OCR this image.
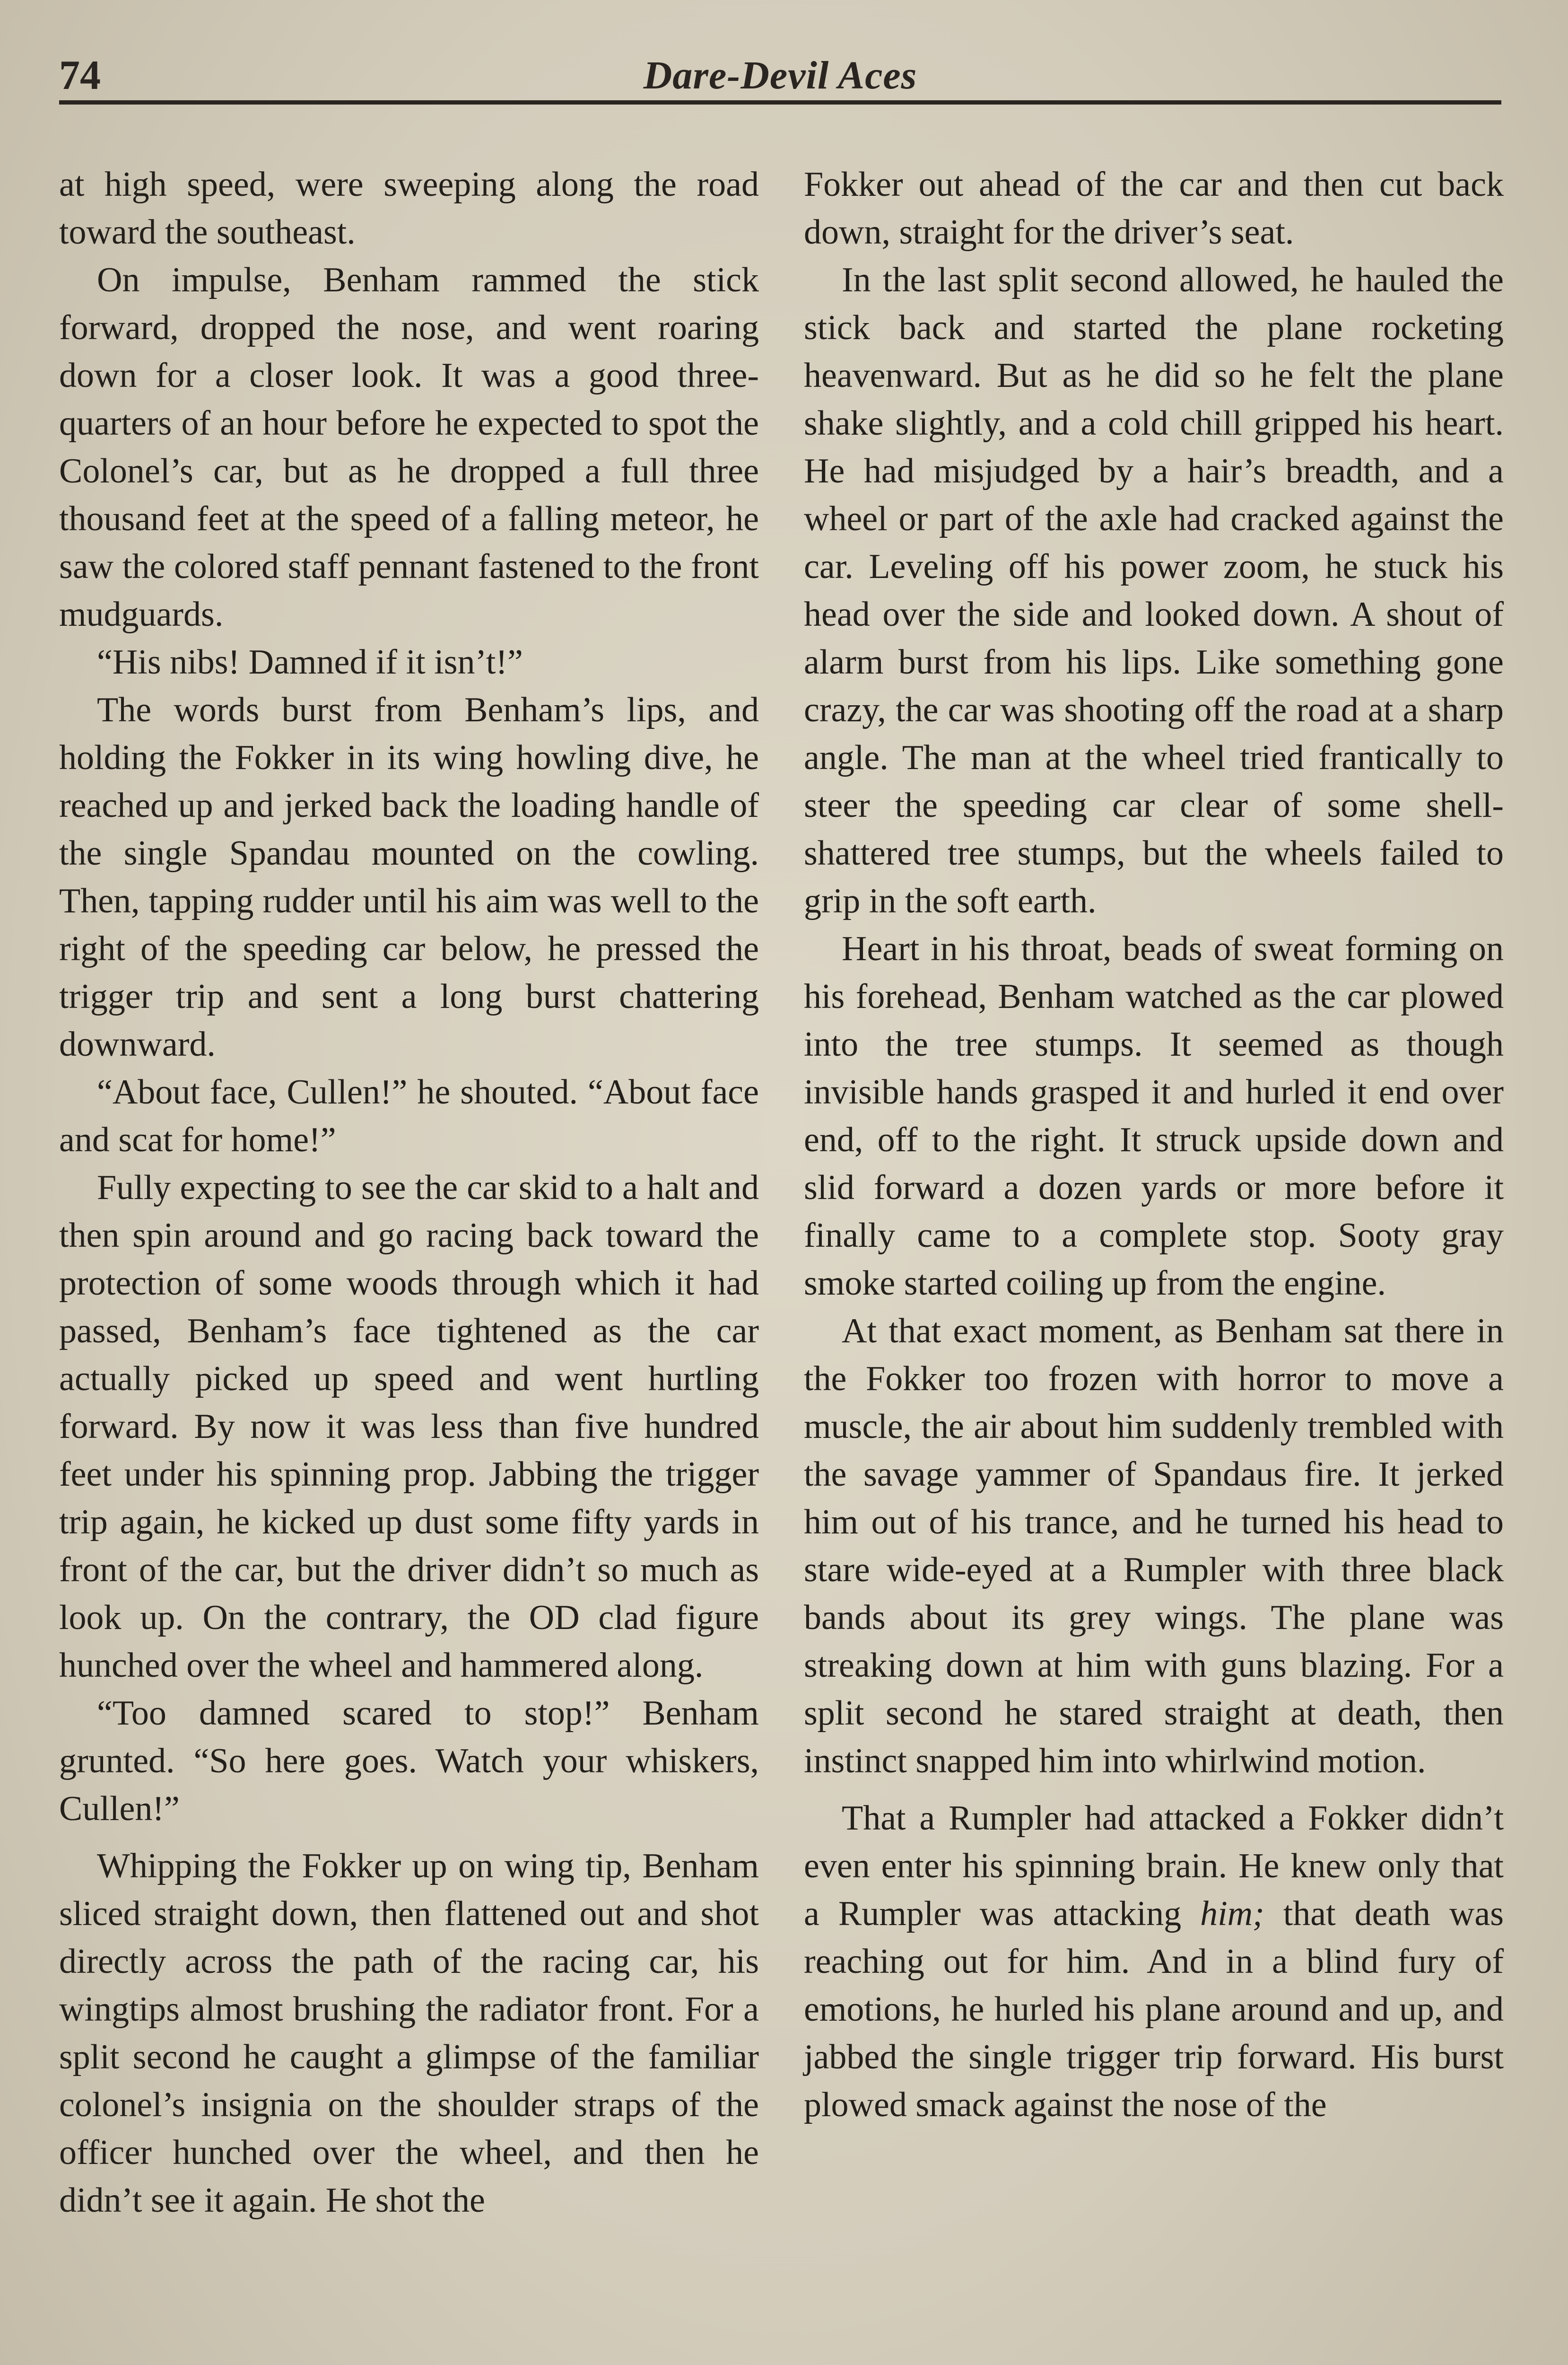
74	Dare-Devil Aces

at high speed, were sweeping along the road toward the southeast.

On impulse, Benham rammed the stick forward, dropped the nose, and went roaring down for a closer look. It was a good three-quarters of an hour before he expected to spot the Colonel’s car, but as he dropped a full three thousand feet at the speed of a falling meteor, he saw the colored staff pennant fastened to the front mudguards.

“His nibs! Damned if it isn’t!”

The words burst from Benham’s lips, and holding the Fokker in its wing howling dive, he reached up and jerked back the loading handle of the single Spandau mounted on the cowling. Then, tapping rudder until his aim was well to the right of the speeding car below, he pressed the trigger trip and sent a long burst chattering downward.

“About face, Cullen!” he shouted. “About face and scat for home!”

Fully expecting to see the car skid to a halt and then spin around and go racing back toward the protection of some woods through which it had passed, Benham’s face tightened as the car actually picked up speed and went hurtling forward. By now it was less than five hundred feet under his spinning prop. Jabbing the trigger trip again, he kicked up dust some fifty yards in front of the car, but the driver didn’t so much as look up. On the contrary, the OD clad figure hunched over the wheel and hammered along.

“Too damned scared to stop!” Benham grunted. “So here goes. Watch your whiskers, Cullen!”

Whipping the Fokker up on wing tip, Benham sliced straight down, then flattened out and shot directly across the path of the racing car, his wingtips almost brushing the radiator front. For a split second he caught a glimpse of the familiar colonel’s insignia on the shoulder straps of the officer hunched over the wheel, and then he didn’t see it again. He shot the

Fokker out ahead of the car and then cut back down, straight for the driver’s seat.

In the last split second allowed, he hauled the stick back and started the plane rocketing heavenward. But as he did so he felt the plane shake slightly, and a cold chill gripped his heart. He had misjudged by a hair’s breadth, and a wheel or part of the axle had cracked against the car. Leveling off his power zoom, he stuck his head over the side and looked down. A shout of alarm burst from his lips. Like something gone crazy, the car was shooting off the road at a sharp angle. The man at the wheel tried frantically to steer the speeding car clear of some shell-shattered tree stumps, but the wheels failed to grip in the soft earth.

Heart in his throat, beads of sweat forming on his forehead, Benham watched as the car plowed into the tree stumps. It seemed as though invisible hands grasped it and hurled it end over end, off to the right. It struck upside down and slid forward a dozen yards or more before it finally came to a complete stop. Sooty gray smoke started coiling up from the engine.

At that exact moment, as Benham sat there in the Fokker too frozen with horror to move a muscle, the air about him suddenly trembled with the savage yammer of Spandaus fire. It jerked him out of his trance, and he turned his head to stare wide-eyed at a Rumpler with three black bands about its grey wings. The plane was streaking down at him with guns blazing. For a split second he stared straight at death, then instinct snapped him into whirlwind motion.

That a Rumpler had attacked a Fokker didn’t even enter his spinning brain. He knew only that a Rumpler was attacking him; that death was reaching out for him. And in a blind fury of emotions, he hurled his plane around and up, and jabbed the single trigger trip forward. His burst plowed smack against the nose of the
